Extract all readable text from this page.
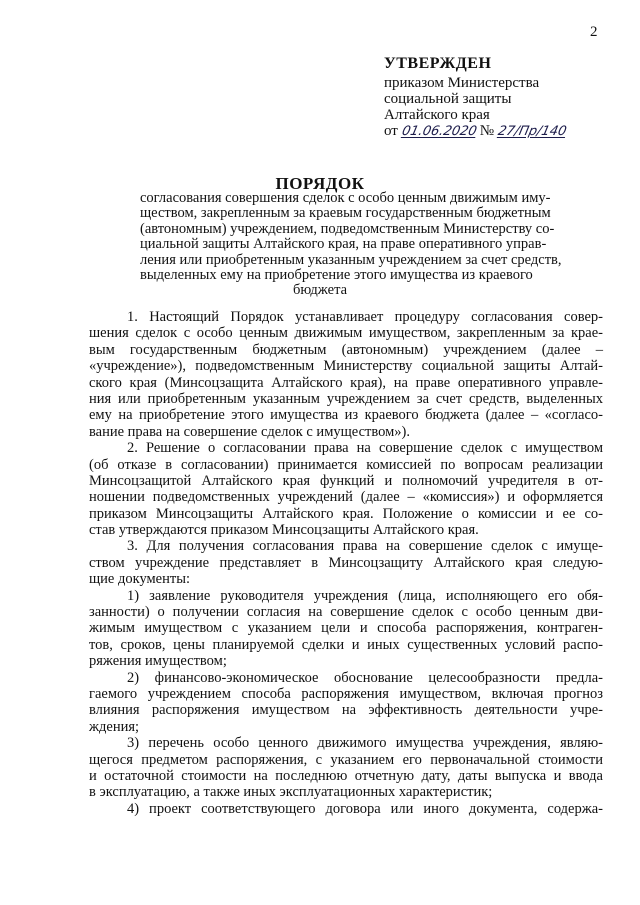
2
УТВЕРЖДЕН
приказом Министерства
социальной защиты
Алтайского края
от 01.06.2020 № 27/Пр/140
ПОРЯДОК
согласования совершения сделок с особо ценным движимым иму-
ществом, закрепленным за краевым государственным бюджетным
(автономным) учреждением, подведомственным Министерству со-
циальной защиты Алтайского края, на праве оперативного управ-
ления или приобретенным указанным учреждением за счет средств,
выделенных ему на приобретение этого имущества из краевого
бюджета
1. Настоящий Порядок устанавливает процедуру согласования совер-
шения сделок с особо ценным движимым имуществом, закрепленным за крае-
вым государственным бюджетным (автономным) учреждением (далее –
«учреждение»), подведомственным Министерству социальной защиты Алтай-
ского края (Минсоцзащита Алтайского края), на праве оперативного управле-
ния или приобретенным указанным учреждением за счет средств, выделенных
ему на приобретение этого имущества из краевого бюджета (далее – «согласо-
вание права на совершение сделок с имуществом»).
2. Решение о согласовании права на совершение сделок с имуществом
(об отказе в согласовании) принимается комиссией по вопросам реализации
Минсоцзащитой Алтайского края функций и полномочий учредителя в от-
ношении подведомственных учреждений (далее – «комиссия») и оформляется
приказом Минсоцзащиты Алтайского края. Положение о комиссии и ее со-
став утверждаются приказом Минсоцзащиты Алтайского края.
3. Для получения согласования права на совершение сделок с имуще-
ством учреждение представляет в Минсоцзащиту Алтайского края следую-
щие документы:
1) заявление руководителя учреждения (лица, исполняющего его обя-
занности) о получении согласия на совершение сделок с особо ценным дви-
жимым имуществом с указанием цели и способа распоряжения, контраген-
тов, сроков, цены планируемой сделки и иных существенных условий распо-
ряжения имуществом;
2) финансово-экономическое обоснование целесообразности предла-
гаемого учреждением способа распоряжения имуществом, включая прогноз
влияния распоряжения имуществом на эффективность деятельности учре-
ждения;
3) перечень особо ценного движимого имущества учреждения, являю-
щегося предметом распоряжения, с указанием его первоначальной стоимости
и остаточной стоимости на последнюю отчетную дату, даты выпуска и ввода
в эксплуатацию, а также иных эксплуатационных характеристик;
4) проект соответствующего договора или иного документа, содержа-
